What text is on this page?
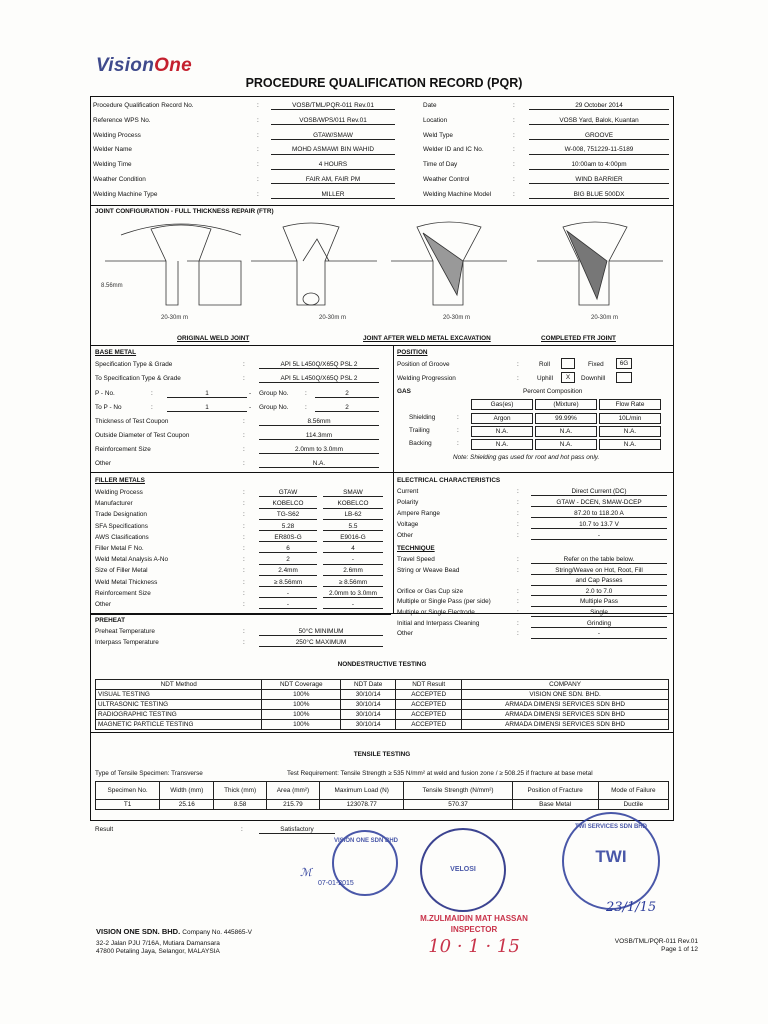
VisionOne
PROCEDURE QUALIFICATION RECORD (PQR)
Procedure Qualification Record No.	:	VOSB/TML/PQR-011 Rev.01	Date	:	29 October 2014
Reference WPS No.	:	VOSB/WPS/011 Rev.01	Location	:	VOSB Yard, Balok, Kuantan
Welding Process	:	GTAW/SMAW	Weld Type	:	GROOVE
Welder Name	:	MOHD ASMAWI BIN WAHID	Welder ID and IC No.	:	W-008, 751229-11-5189
Welding Time	:	4 HOURS	Time of Day	:	10:00am to 4:00pm
Weather Condition	:	FAIR AM, FAIR PM	Weather Control	:	WIND BARRIER
Welding Machine Type	:	MILLER	Welding Machine Model	:	BIG BLUE 500DX
JOINT CONFIGURATION - FULL THICKNESS REPAIR (FTR)
8.56mm
20-30m m	20-30m m	20-30m m	20-30m m
ORIGINAL WELD JOINT	JOINT AFTER WELD METAL EXCAVATION	COMPLETED FTR JOINT
BASE METAL
Specification Type & Grade	:	API 5L L450Q/X65Q PSL 2
To Specification Type & Grade	:	API 5L L450Q/X65Q PSL 2
P - No.	:	1	- Group No.	:	2
To P - No	:	1	- Group No.	:	2
Thickness of Test Coupon	:	8.56mm
Outside Diameter of Test Coupon	:	114.3mm
Reinforcement Size	:	2.0mm to 3.0mm
Other	:	N.A.
POSITION
Position of Groove	:	Roll	Fixed	6G
Welding Progression	:	Uphill	X	Downhill
GAS	Percent Composition
Gas(es)	(Mixture)	Flow Rate
Shielding	:	Argon	99.99%	10L/min
Trailing	:	N.A.	N.A.	N.A.
Backing	:	N.A.	N.A.	N.A.
Note: Shielding gas used for root and hot pass only.
FILLER METALS
Welding Process	:	GTAW	SMAW
Manufacturer	:	KOBELCO	KOBELCO
Trade Designation	:	TG-S62	LB-62
SFA Specifications	:	5.28	5.5
AWS Clasifications	:	ER80S-G	E9016-G
Filler Metal F No.	:	6	4
Weld Metal Analysis A-No	:	2	-
Size of Filler Metal	:	2.4mm	2.6mm
Weld Metal Thickness	:	≥ 8.56mm	≥ 8.56mm
Reinforcement Size	:	-	2.0mm to 3.0mm
Other	:	-	-
ELECTRICAL CHARACTERISTICS
Current	:	Direct Current (DC)
Polarity	:	GTAW - DCEN, SMAW-DCEP
Ampere Range	:	87.20 to 118.20 A
Voltage	:	10.7 to 13.7 V
Other	:	-
TECHNIQUE
Travel Speed	:	Refer on the table below.
String or Weave Bead	:	String/Weave on Hot, Root, Fill
and Cap Passes
Orifice or Gas Cup size	:	2.0 to 7.0
Multiple or Single Pass (per side)	:	Multiple Pass
Multiple or Single Electrode	:	Single
Initial and Interpass Cleaning	:	Grinding
Other	:	-
PREHEAT
Preheat Temperature	:	50°C MINIMUM
Interpass Temperature	:	250°C MAXIMUM
NONDESTRUCTIVE TESTING
NDT Method	NDT Coverage	NDT Date	NDT Result	COMPANY
VISUAL TESTING	100%	30/10/14	ACCEPTED	VISION ONE SDN. BHD.
ULTRASONIC TESTING	100%	30/10/14	ACCEPTED	ARMADA DIMENSI SERVICES SDN BHD
RADIOGRAPHIC TESTING	100%	30/10/14	ACCEPTED	ARMADA DIMENSI SERVICES SDN BHD
MAGNETIC PARTICLE TESTING	100%	30/10/14	ACCEPTED	ARMADA DIMENSI SERVICES SDN BHD
TENSILE TESTING
Type of Tensile Specimen: Transverse	Test Requirement: Tensile Strength ≥ 535 N/mm² at weld and fusion zone / ≥ 508.25 if fracture at base metal
Specimen No.	Width (mm)	Thick (mm)	Area (mm²)	Maximum Load (N)	Tensile Strength (N/mm²)	Position of Fracture	Mode of Failure
T1	25.16	8.58	215.79	123078.77	570.37	Base Metal	Ductile
Result	:	Satisfactory
VISION ONE SDN BHD
ℳ
07-01-2015
VELOSI
TWI SERVICES SDN BHD
TWI
23/1/15
M.ZULMAIDIN MAT HASSAN
INSPECTOR
10 · 1 · 15
VISION ONE SDN. BHD. Company No. 445865-V
32-2 Jalan PJU 7/16A, Mutiara Damansara
47800 Petaling Jaya, Selangor, MALAYSIA
VOSB/TML/PQR-011 Rev.01
Page 1 of 12
